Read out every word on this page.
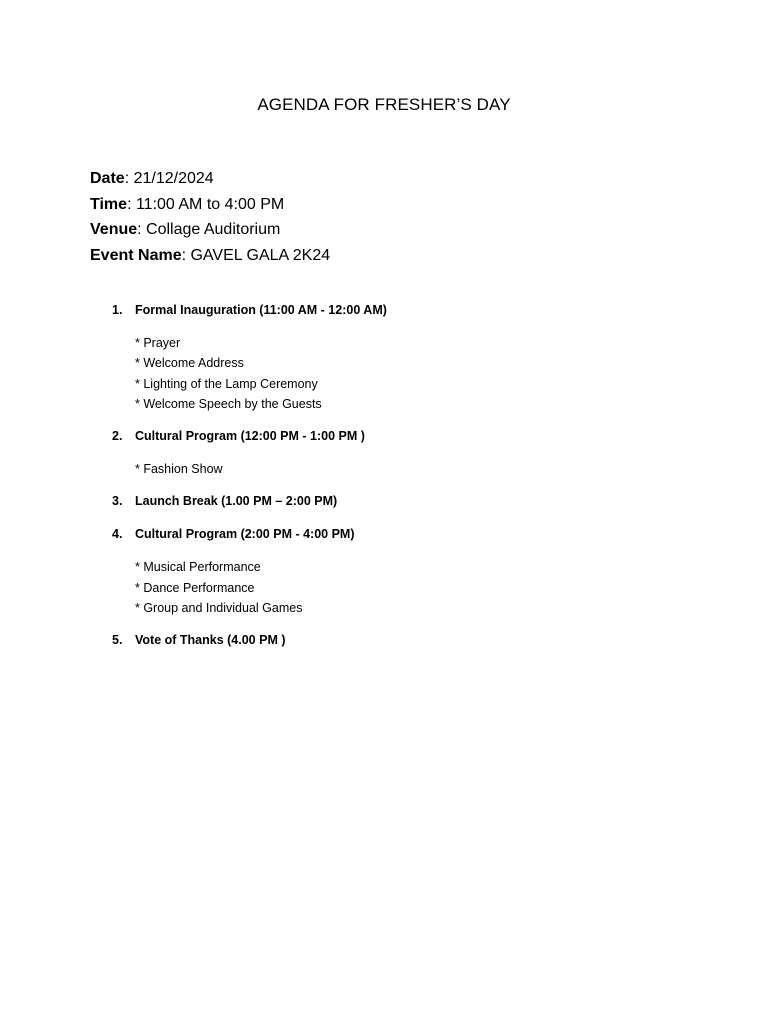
AGENDA FOR FRESHER’S DAY
Date: 21/12/2024
Time: 11:00 AM to 4:00 PM
Venue: Collage Auditorium
Event Name: GAVEL GALA 2K24
1.	Formal Inauguration (11:00 AM - 12:00 AM)
* Prayer
* Welcome Address
* Lighting of the Lamp Ceremony
* Welcome Speech by the Guests
2.	Cultural Program (12:00 PM - 1:00 PM )
* Fashion Show
3.	Launch Break (1.00 PM – 2:00 PM)
4.	Cultural Program (2:00 PM - 4:00 PM)
* Musical Performance
* Dance Performance
* Group and Individual Games
5.	Vote of Thanks (4.00 PM )
